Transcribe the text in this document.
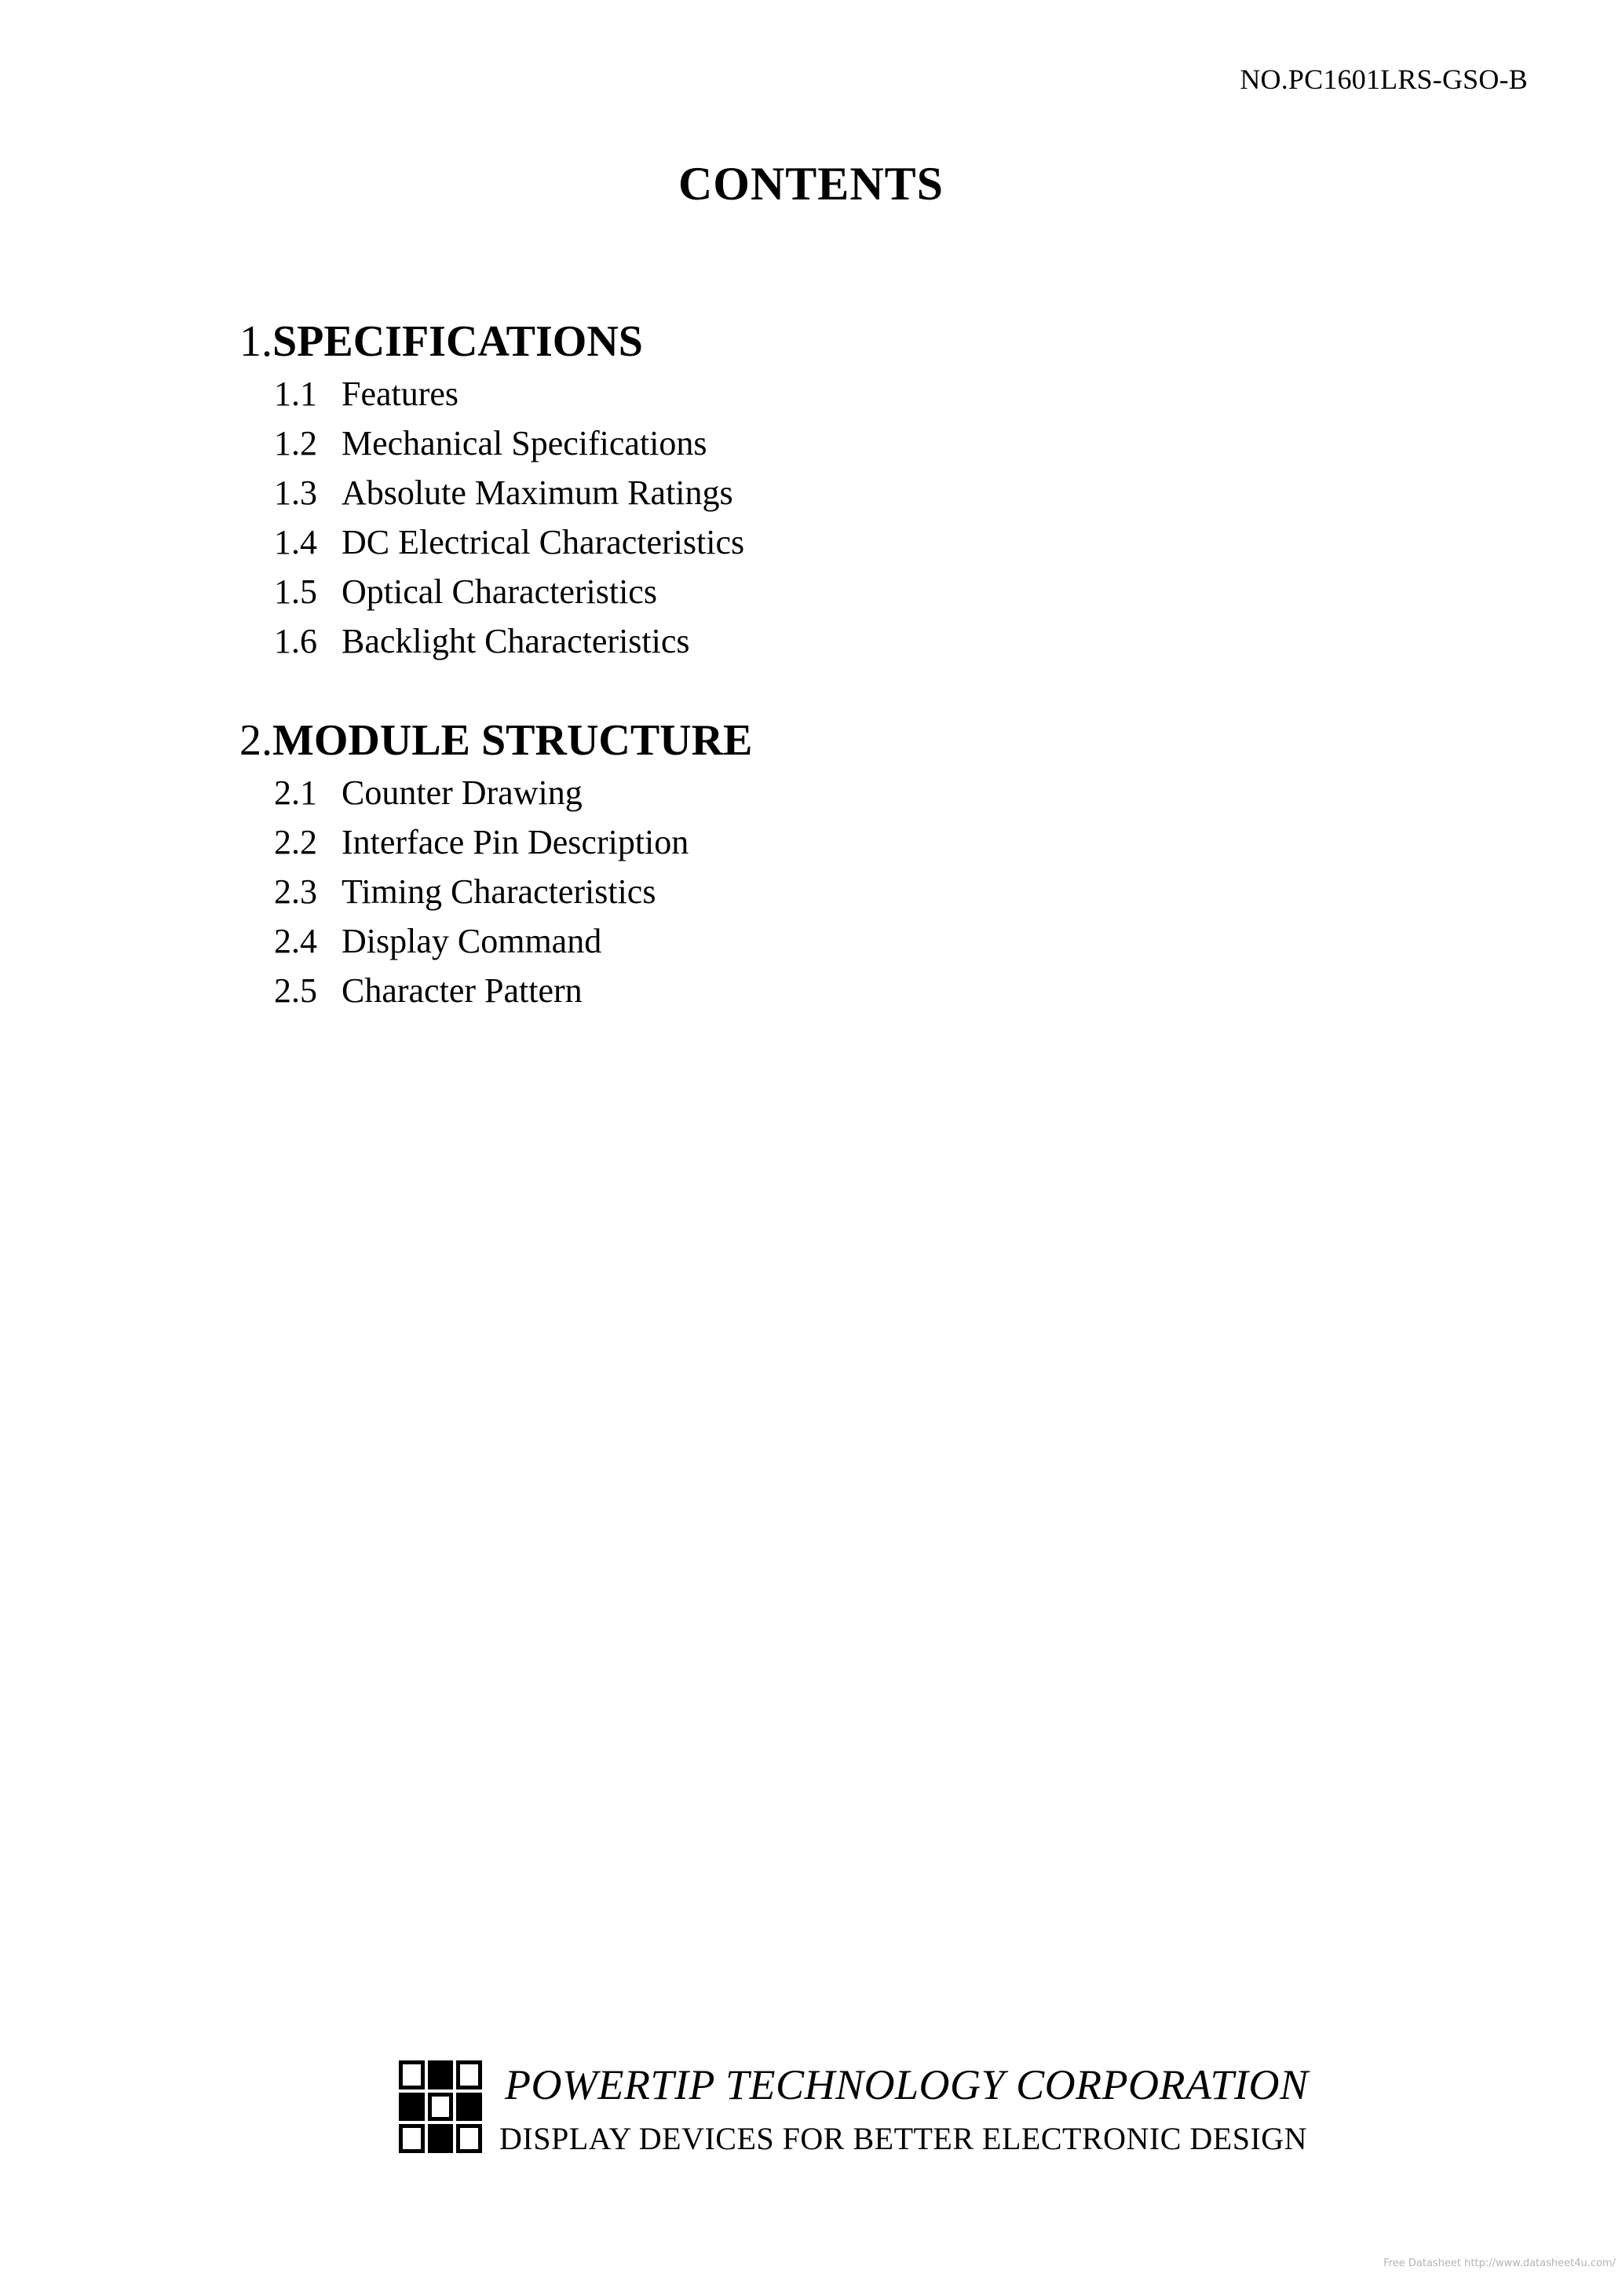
NO.PC1601LRS-GSO-B
CONTENTS
1.SPECIFICATIONS
1.1 Features
1.2 Mechanical Specifications
1.3 Absolute Maximum Ratings
1.4 DC Electrical Characteristics
1.5 Optical Characteristics
1.6 Backlight Characteristics
2.MODULE STRUCTURE
2.1 Counter Drawing
2.2 Interface Pin Description
2.3 Timing Characteristics
2.4 Display Command
2.5 Character Pattern
POWERTIP TECHNOLOGY CORPORATION
DISPLAY DEVICES FOR BETTER ELECTRONIC DESIGN
Free Datasheet http://www.datasheet4u.com/
